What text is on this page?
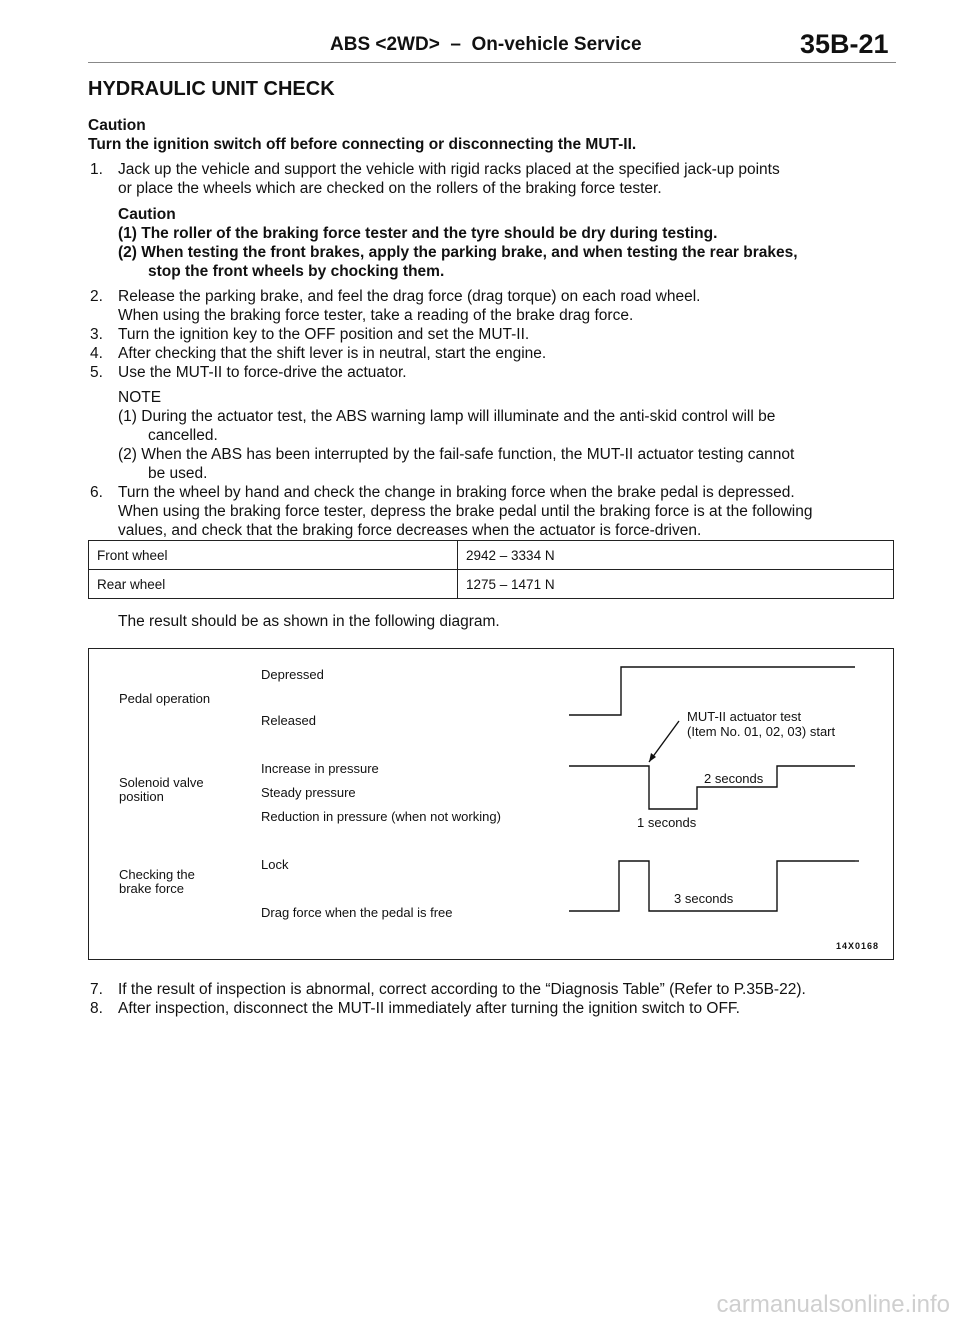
ABS <2WD>  –  On-vehicle Service	35B-21
HYDRAULIC UNIT CHECK
Caution
Turn the ignition switch off before connecting or disconnecting the MUT-II.
1. Jack up the vehicle and support the vehicle with rigid racks placed at the specified jack-up points
or place the wheels which are checked on the rollers of the braking force tester.
Caution
(1) The roller of the braking force tester and the tyre should be dry during testing.
(2) When testing the front brakes, apply the parking brake, and when testing the rear brakes,
stop the front wheels by chocking them.
2. Release the parking brake, and feel the drag force (drag torque) on each road wheel.
When using the braking force tester, take a reading of the brake drag force.
3. Turn the ignition key to the OFF position and set the MUT-II.
4. After checking that the shift lever is in neutral, start the engine.
5. Use the MUT-II to force-drive the actuator.
NOTE
(1) During the actuator test, the ABS warning lamp will illuminate and the anti-skid control will be
cancelled.
(2) When the ABS has been interrupted by the fail-safe function, the MUT-II actuator testing cannot
be used.
6. Turn the wheel by hand and check the change in braking force when the brake pedal is depressed.
When using the braking force tester, depress the brake pedal until the braking force is at the following
values, and check that the braking force decreases when the actuator is force-driven.
Front wheel	2942 – 3334 N
Rear wheel	1275 – 1471 N
The result should be as shown in the following diagram.
Pedal operation
Depressed
Released
Solenoid valve
position
Increase in pressure
Steady pressure
Reduction in pressure (when not working)
Checking the
brake force
Lock
Drag force when the pedal is free
MUT-II actuator test
(Item No. 01, 02, 03) start
2 seconds
1 seconds
3 seconds
14X0168
7. If the result of inspection is abnormal, correct according to the “Diagnosis Table” (Refer to P.35B-22).
8. After inspection, disconnect the MUT-II immediately after turning the ignition switch to OFF.
carmanualsonline.info
